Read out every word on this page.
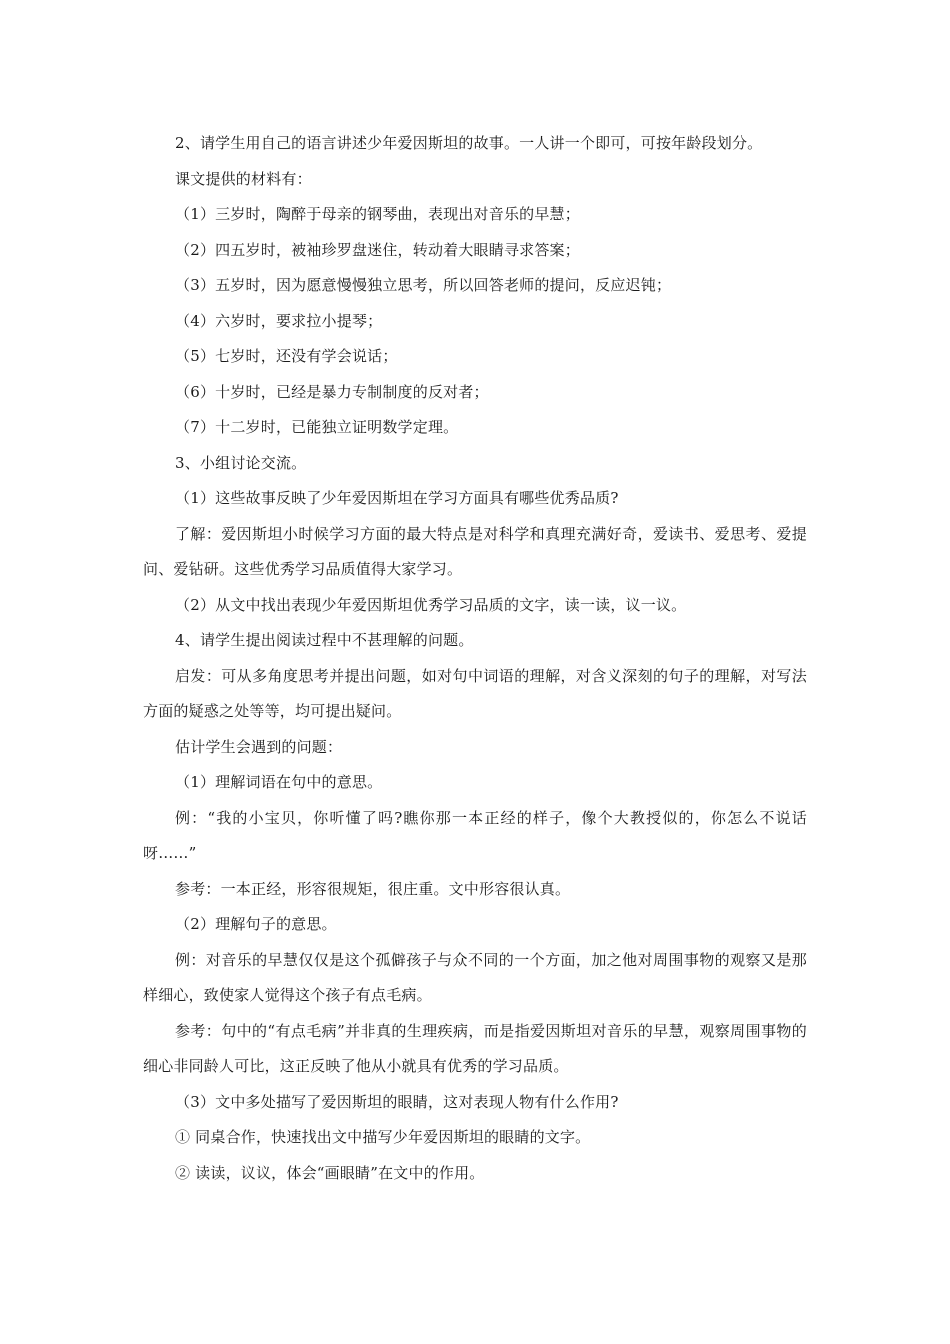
2、请学生用自己的语言讲述少年爱因斯坦的故事。一人讲一个即可，可按年龄段划分。

课文提供的材料有：

（1）三岁时，陶醉于母亲的钢琴曲，表现出对音乐的早慧；

（2）四五岁时，被袖珍罗盘迷住，转动着大眼睛寻求答案；

（3）五岁时，因为愿意慢慢独立思考，所以回答老师的提问，反应迟钝；

（4）六岁时，要求拉小提琴；

（5）七岁时，还没有学会说话；

（6）十岁时，已经是暴力专制制度的反对者；

（7）十二岁时，已能独立证明数学定理。

3、小组讨论交流。

（1）这些故事反映了少年爱因斯坦在学习方面具有哪些优秀品质?

了解：爱因斯坦小时候学习方面的最大特点是对科学和真理充满好奇，爱读书、爱思考、爱提问、爱钻研。这些优秀学习品质值得大家学习。

（2）从文中找出表现少年爱因斯坦优秀学习品质的文字，读一读，议一议。

4、请学生提出阅读过程中不甚理解的问题。

启发：可从多角度思考并提出问题，如对句中词语的理解，对含义深刻的句子的理解，对写法方面的疑惑之处等等，均可提出疑问。

估计学生会遇到的问题：

（1）理解词语在句中的意思。

例：“我的小宝贝，你听懂了吗?瞧你那一本正经的样子，像个大教授似的，你怎么不说话呀……”

参考：一本正经，形容很规矩，很庄重。文中形容很认真。

（2）理解句子的意思。

例：对音乐的早慧仅仅是这个孤僻孩子与众不同的一个方面，加之他对周围事物的观察又是那样细心，致使家人觉得这个孩子有点毛病。

参考：句中的“有点毛病”并非真的生理疾病，而是指爱因斯坦对音乐的早慧，观察周围事物的细心非同龄人可比，这正反映了他从小就具有优秀的学习品质。

（3）文中多处描写了爱因斯坦的眼睛，这对表现人物有什么作用?

① 同桌合作，快速找出文中描写少年爱因斯坦的眼睛的文字。

② 读读，议议，体会“画眼睛”在文中的作用。
